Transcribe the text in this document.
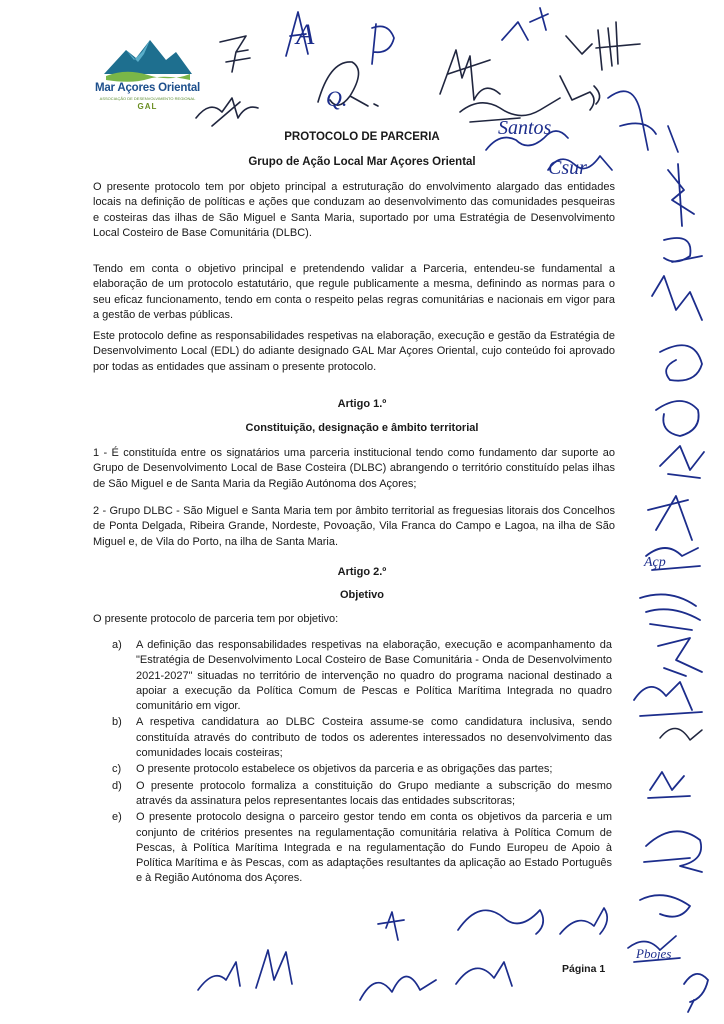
Mar Açores Oriental
ASSOCIAÇÃO DE DESENVOLVIMENTO REGIONAL
GAL
PROTOCOLO DE PARCERIA
Grupo de Ação Local Mar Açores Oriental

O presente protocolo tem por objeto principal a estruturação do envolvimento alargado das entidades locais na definição de políticas e ações que conduzam ao desenvolvimento das comunidades pesqueiras e costeiras das ilhas de São Miguel e Santa Maria, suportado por uma Estratégia de Desenvolvimento Local Costeiro de Base Comunitária (DLBC).

Tendo em conta o objetivo principal e pretendendo validar a Parceria, entendeu-se fundamental a elaboração de um protocolo estatutário, que regule publicamente a mesma, definindo as normas para o seu eficaz funcionamento, tendo em conta o respeito pelas regras comunitárias e nacionais em vigor para a gestão de verbas públicas.

Este protocolo define as responsabilidades respetivas na elaboração, execução e gestão da Estratégia de Desenvolvimento Local (EDL) do adiante designado GAL Mar Açores Oriental, cujo conteúdo foi aprovado por todas as entidades que assinam o presente protocolo.

Artigo 1.º
Constituição, designação e âmbito territorial

1 - É constituída entre os signatários uma parceria institucional tendo como fundamento dar suporte ao Grupo de Desenvolvimento Local de Base Costeira (DLBC) abrangendo o território constituído pelas ilhas de São Miguel e de Santa Maria da Região Autónoma dos Açores;

2 - Grupo DLBC - São Miguel e Santa Maria tem por âmbito territorial as freguesias litorais dos Concelhos de Ponta Delgada, Ribeira Grande, Nordeste, Povoação, Vila Franca do Campo e Lagoa, na ilha de São Miguel e, de Vila do Porto, na ilha de Santa Maria.

Artigo 2.º
Objetivo

O presente protocolo de parceria tem por objetivo:

a) A definição das responsabilidades respetivas na elaboração, execução e acompanhamento da "Estratégia de Desenvolvimento Local Costeiro de Base Comunitária - Onda de Desenvolvimento 2021-2027" situadas no território de intervenção no quadro do programa nacional destinado a apoiar a execução da Política Comum de Pescas e Política Marítima Integrada no quadro comunitário em vigor.
b) A respetiva candidatura ao DLBC Costeira assume-se como candidatura inclusiva, sendo constituída através do contributo de todos os aderentes interessados no desenvolvimento das comunidades locais costeiras;
c) O presente protocolo estabelece os objetivos da parceria e as obrigações das partes;
d) O presente protocolo formaliza a constituição do Grupo mediante a subscrição do mesmo através da assinatura pelos representantes locais das entidades subscritoras;
e) O presente protocolo designa o parceiro gestor tendo em conta os objetivos da parceria e um conjunto de critérios presentes na regulamentação comunitária relativa à Política Comum de Pescas, à Política Marítima Integrada e na regulamentação do Fundo Europeu de Apoio à Política Marítima e às Pescas, com as adaptações resultantes da aplicação ao Estado Português e à Região Autónoma dos Açores.
Página 1
A
Q.
Santos
Csur
Açp
Pbojes
